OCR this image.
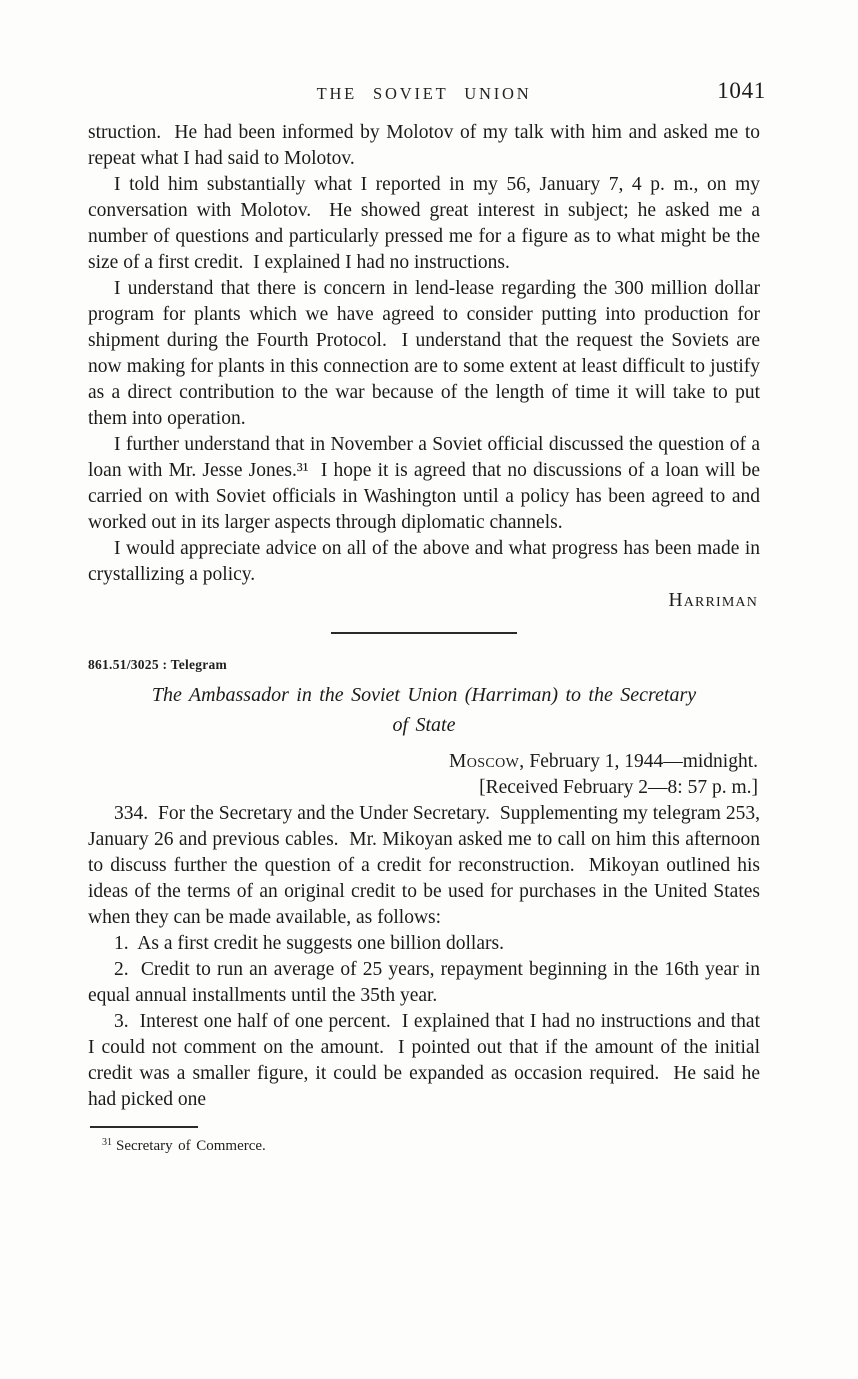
THE SOVIET UNION	1041

struction.  He had been informed by Molotov of my talk with him and asked me to repeat what I had said to Molotov.

I told him substantially what I reported in my 56, January 7, 4 p. m., on my conversation with Molotov.  He showed great interest in subject; he asked me a number of questions and particularly pressed me for a figure as to what might be the size of a first credit.  I explained I had no instructions.

I understand that there is concern in lend-lease regarding the 300 million dollar program for plants which we have agreed to consider putting into production for shipment during the Fourth Protocol.  I understand that the request the Soviets are now making for plants in this connection are to some extent at least difficult to justify as a direct contribution to the war because of the length of time it will take to put them into operation.

I further understand that in November a Soviet official discussed the question of a loan with Mr. Jesse Jones.³¹  I hope it is agreed that no discussions of a loan will be carried on with Soviet officials in Washington until a policy has been agreed to and worked out in its larger aspects through diplomatic channels.

I would appreciate advice on all of the above and what progress has been made in crystallizing a policy.

Harriman
861.51/3025 : Telegram
The Ambassador in the Soviet Union (Harriman) to the Secretary
of State
Moscow, February 1, 1944—midnight.
[Received February 2—8: 57 p. m.]

334.  For the Secretary and the Under Secretary.  Supplementing my telegram 253, January 26 and previous cables.  Mr. Mikoyan asked me to call on him this afternoon to discuss further the question of a credit for reconstruction.  Mikoyan outlined his ideas of the terms of an original credit to be used for purchases in the United States when they can be made available, as follows:

1.  As a first credit he suggests one billion dollars.

2.  Credit to run an average of 25 years, repayment beginning in the 16th year in equal annual installments until the 35th year.

3.  Interest one half of one percent.  I explained that I had no instructions and that I could not comment on the amount.  I pointed out that if the amount of the initial credit was a smaller figure, it could be expanded as occasion required.  He said he had picked one

$^{31}$ Secretary of Commerce.
